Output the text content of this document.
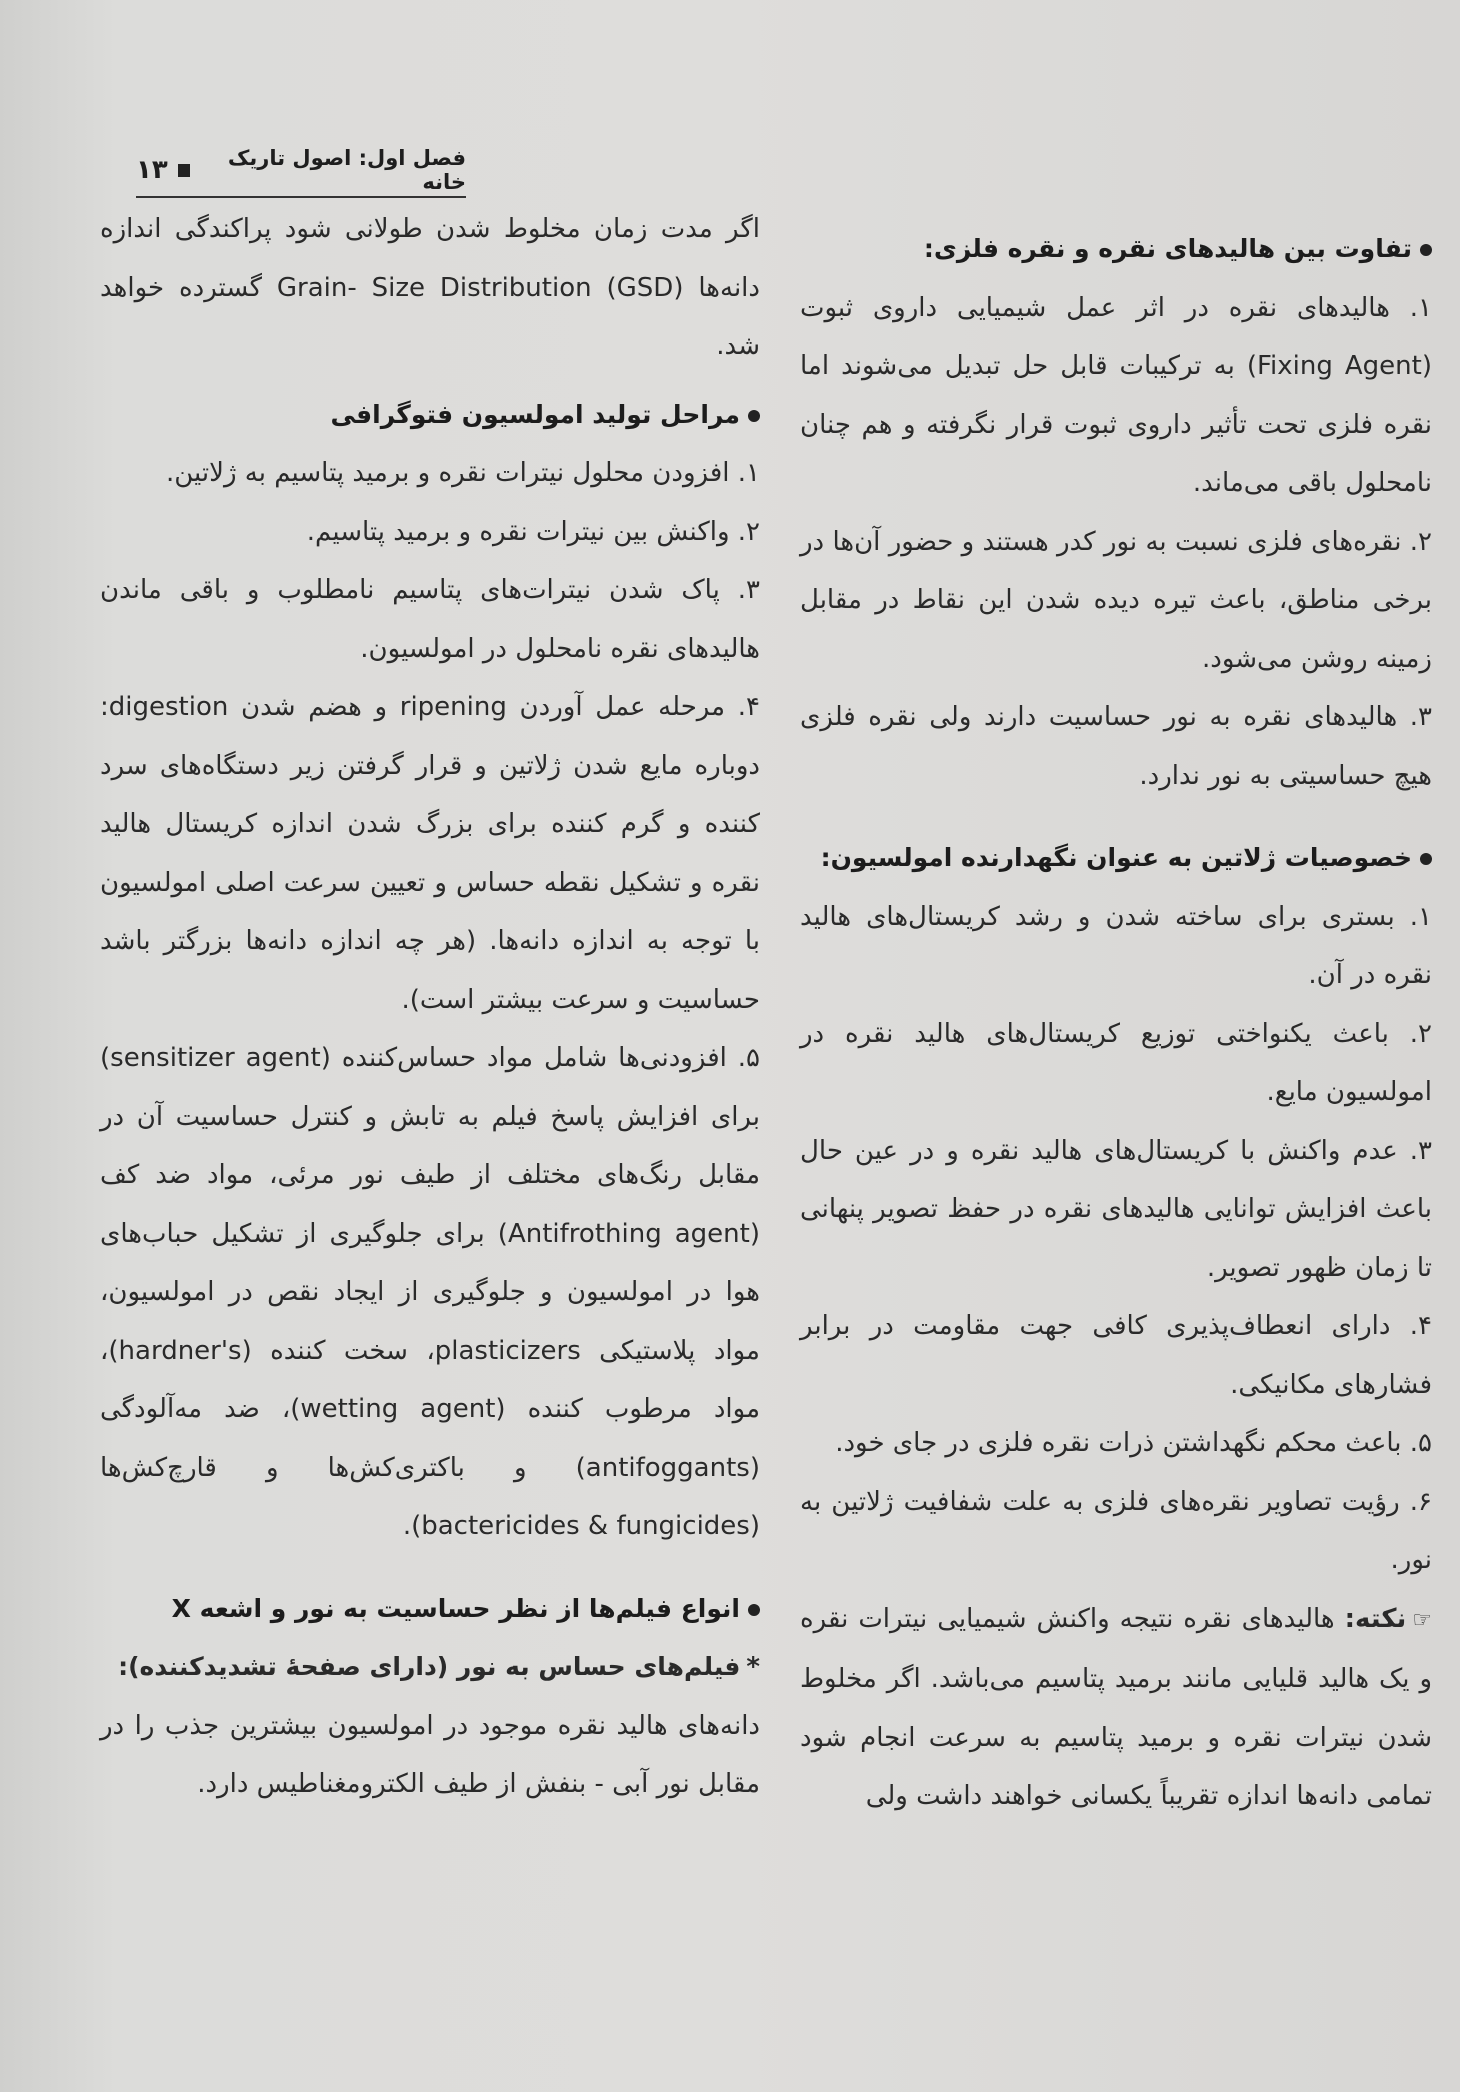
فصل اول: اصول تاریک خانه
۱۳
تفاوت بین هالیدهای نقره و نقره فلزی:

۱. هالیدهای نقره در اثر عمل شیمیایی داروی ثبوت (Fixing Agent) به ترکیبات قابل حل تبدیل می‌شوند اما نقره فلزی تحت تأثیر داروی ثبوت قرار نگرفته و هم چنان نامحلول باقی می‌ماند.

۲. نقره‌های فلزی نسبت به نور کدر هستند و حضور آن‌ها در برخی مناطق، باعث تیره دیده شدن این نقاط در مقابل زمینه روشن می‌شود.

۳. هالیدهای نقره به نور حساسیت دارند ولی نقره فلزی هیچ حساسیتی به نور ندارد.

خصوصیات ژلاتین به عنوان نگهدارنده امولسیون:

۱. بستری برای ساخته شدن و رشد کریستال‌های هالید نقره در آن.

۲. باعث یکنواختی توزیع کریستال‌های هالید نقره در امولسیون مایع.

۳. عدم واکنش با کریستال‌های هالید نقره و در عین حال باعث افزایش توانایی هالیدهای نقره در حفظ تصویر پنهانی تا زمان ظهور تصویر.

۴. دارای انعطاف‌پذیری کافی جهت مقاومت در برابر فشارهای مکانیکی.

۵. باعث محکم نگهداشتن ذرات نقره فلزی در جای خود.

۶. رؤیت تصاویر نقره‌های فلزی به علت شفافیت ژلاتین به نور.

☞نکته: هالیدهای نقره نتیجه واکنش شیمیایی نیترات نقره و یک هالید قلیایی مانند برمید پتاسیم می‌باشد. اگر مخلوط شدن نیترات نقره و برمید پتاسیم به سرعت انجام شود تمامی دانه‌ها اندازه تقریباً یکسانی خواهند داشت ولی

اگر مدت زمان مخلوط شدن طولانی شود پراکندگی اندازه دانه‌ها (Grain- Size Distribution (GSD گسترده خواهد شد.

مراحل تولید امولسیون فتوگرافی

۱. افزودن محلول نیترات نقره و برمید پتاسیم به ژلاتین.

۲. واکنش بین نیترات نقره و برمید پتاسیم.

۳. پاک شدن نیترات‌های پتاسیم نامطلوب و باقی ماندن هالیدهای نقره نامحلول در امولسیون.

۴. مرحله عمل آوردن ripening و هضم شدن digestion: دوباره مایع شدن ژلاتین و قرار گرفتن زیر دستگاه‌های سرد کننده و گرم کننده برای بزرگ شدن اندازه کریستال هالید نقره و تشکیل نقطه حساس و تعیین سرعت اصلی امولسیون با توجه به اندازه دانه‌ها. (هر چه اندازه دانه‌ها بزرگتر باشد حساسیت و سرعت بیشتر است).

۵. افزودنی‌ها شامل مواد حساس‌کننده (sensitizer agent) برای افزایش پاسخ فیلم به تابش و کنترل حساسیت آن در مقابل رنگ‌های مختلف از طیف نور مرئی، مواد ضد کف (Antifrothing agent) برای جلوگیری از تشکیل حباب‌های هوا در امولسیون و جلوگیری از ایجاد نقص در امولسیون، مواد پلاستیکی plasticizers، سخت کننده (hardner's)، مواد مرطوب کننده (wetting agent)، ضد مه‌آلودگی (antifoggants) و باکتری‌کش‌ها و قارچ‌کش‌ها (bactericides & fungicides).

انواع فیلم‌ها از نظر حساسیت به نور و اشعه X

*فیلم‌های حساس به نور (دارای صفحهٔ تشدیدکننده):

دانه‌های هالید نقره موجود در امولسیون بیشترین جذب را در مقابل نور آبی - بنفش از طیف الکترومغناطیس دارد.
